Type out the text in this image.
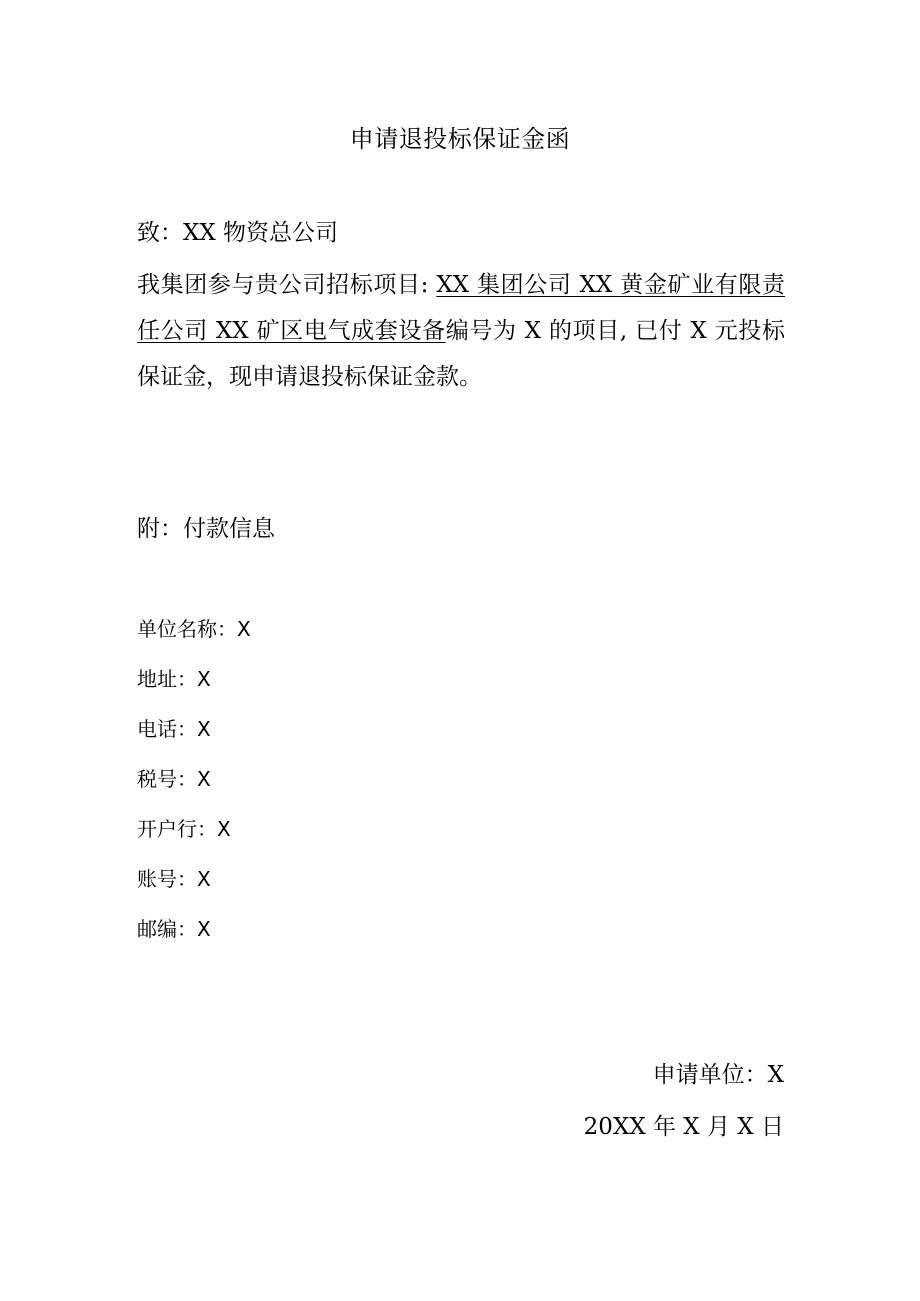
申请退投标保证金函
致：XX 物资总公司
我集团参与贵公司招标项目: XX 集团公司 XX 黄金矿业有限责任公司 XX 矿区电气成套设备编号为 X 的项目, 已付 X 元投标保证金，现申请退投标保证金款。
附：付款信息
单位名称：X
地址：X
电话：X
税号：X
开户行：X
账号：X
邮编：X
申请单位：X
20XX 年 X 月 X 日
